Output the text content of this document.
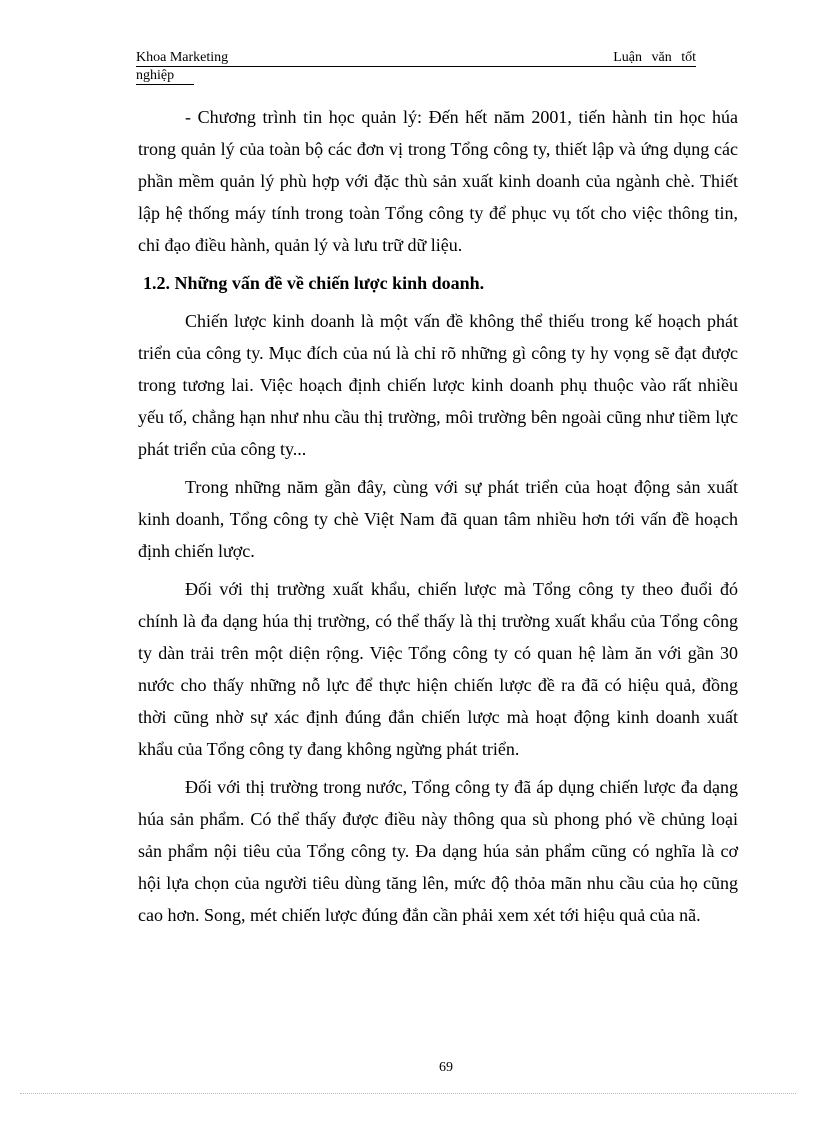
Khoa Marketing	Luận văn tốt
nghiệp

- Chương trình tin học quản lý: Đến hết năm 2001, tiến hành tin học húa trong quản lý của toàn bộ các đơn vị trong Tổng công ty, thiết lập và ứng dụng các phần mềm quản lý phù hợp với đặc thù sản xuất kinh doanh của ngành chè. Thiết lập hệ thống máy tính trong toàn Tổng công ty để phục vụ tốt cho việc thông tin, chỉ đạo điều hành, quản lý và lưu trữ dữ liệu.

1.2. Những vấn đề về chiến lược kinh doanh.

Chiến lược kinh doanh là một vấn đề không thể thiếu trong kế hoạch phát triển của công ty. Mục đích của nú là chỉ rõ những gì công ty hy vọng sẽ đạt được trong tương lai. Việc hoạch định chiến lược kinh doanh phụ thuộc vào rất nhiều yếu tố, chẳng hạn như nhu cầu thị trường, môi trường bên ngoài cũng như tiềm lực phát triển của công ty...

Trong những năm gần đây, cùng với sự phát triển của hoạt động sản xuất kinh doanh, Tổng công ty chè Việt Nam đã quan tâm nhiều hơn tới vấn đề hoạch định chiến lược.

Đối với thị trường xuất khẩu, chiến lược mà Tổng công ty theo đuổi đó chính là đa dạng húa thị trường, có thể thấy là thị trường xuất khẩu của Tổng công ty dàn trải trên một diện rộng. Việc Tổng công ty có quan hệ làm ăn với gần 30 nước cho thấy những nỗ lực để thực hiện chiến lược đề ra đã có hiệu quả, đồng thời cũng nhờ sự xác định đúng đắn chiến lược mà hoạt động kinh doanh xuất khẩu của Tổng công ty đang không ngừng phát triển.

Đối với thị trường trong nước, Tổng công ty đã áp dụng chiến lược đa dạng húa sản phẩm. Có thể thấy được điều này thông qua sù phong phó về chủng loại sản phẩm nội tiêu của Tổng công ty. Đa dạng húa sản phẩm cũng có nghĩa là cơ hội lựa chọn của người tiêu dùng tăng lên, mức độ thỏa mãn nhu cầu của họ cũng cao hơn. Song, mét chiến lược đúng đắn cần phải xem xét tới hiệu quả của nã.

69
